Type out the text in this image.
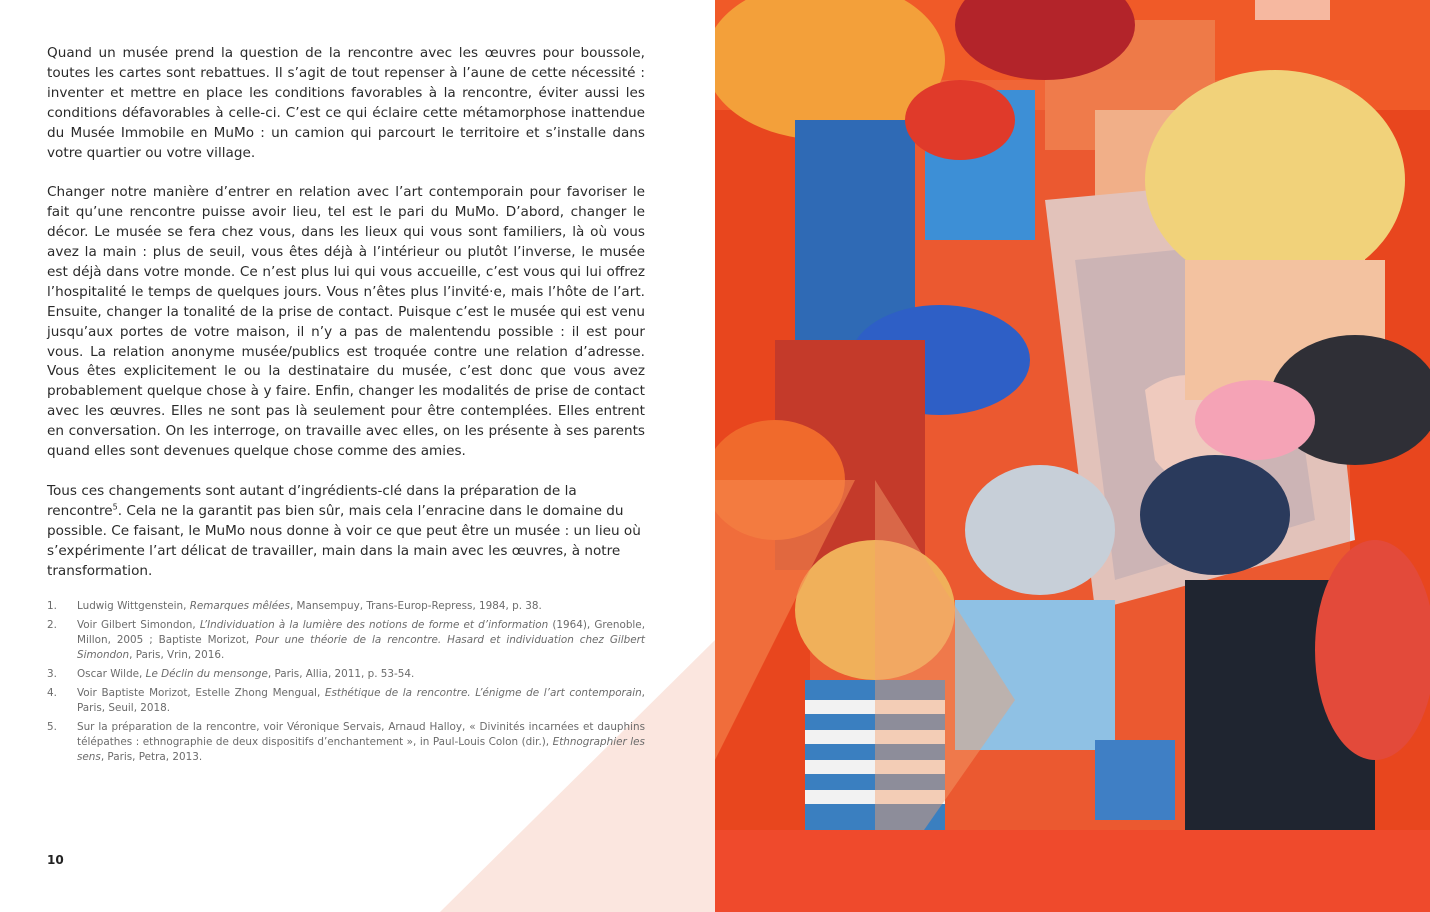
Quand un musée prend la question de la rencontre avec les œuvres pour boussole, toutes les cartes sont rebattues. Il s’agit de tout repenser à l’aune de cette nécessité : inventer et mettre en place les conditions favorables à la rencontre, éviter aussi les conditions défavorables à celle-ci. C’est ce qui éclaire cette métamorphose inattendue du Musée Immobile en MuMo : un camion qui parcourt le territoire et s’installe dans votre quartier ou votre village.

Changer notre manière d’entrer en relation avec l’art contemporain pour favoriser le fait qu’une rencontre puisse avoir lieu, tel est le pari du MuMo. D’abord, changer le décor. Le musée se fera chez vous, dans les lieux qui vous sont familiers, là où vous avez la main : plus de seuil, vous êtes déjà à l’intérieur ou plutôt l’inverse, le musée est déjà dans votre monde. Ce n’est plus lui qui vous accueille, c’est vous qui lui offrez l’hospitalité le temps de quelques jours. Vous n’êtes plus l’invité·e, mais l’hôte de l’art. Ensuite, changer la tonalité de la prise de contact. Puisque c’est le musée qui est venu jusqu’aux portes de votre maison, il n’y a pas de malentendu possible : il est pour vous. La relation anonyme musée/publics est troquée contre une relation d’adresse. Vous êtes explicitement le ou la destinataire du musée, c’est donc que vous avez probablement quelque chose à y faire. Enfin, changer les modalités de prise de contact avec les œuvres. Elles ne sont pas là seulement pour être contemplées. Elles entrent en conversation. On les interroge, on travaille avec elles, on les présente à ses parents quand elles sont devenues quelque chose comme des amies.

Tous ces changements sont autant d’ingrédients-clé dans la préparation de la rencontre$^5$. Cela ne la garantit pas bien sûr, mais cela l’enracine dans le domaine du possible. Ce faisant, le MuMo nous donne à voir ce que peut être un musée : un lieu où s’expérimente l’art délicat de travailler, main dans la main avec les œuvres, à notre transformation.

1.	Ludwig Wittgenstein, Remarques mêlées, Mansempuy, Trans-Europ-Repress, 1984, p. 38.
2.	Voir Gilbert Simondon, L’Individuation à la lumière des notions de forme et d’information (1964), Grenoble, Millon, 2005 ; Baptiste Morizot, Pour une théorie de la rencontre. Hasard et individuation chez Gilbert Simondon, Paris, Vrin, 2016.
3.	Oscar Wilde, Le Déclin du mensonge, Paris, Allia, 2011, p. 53-54.
4.	Voir Baptiste Morizot, Estelle Zhong Mengual, Esthétique de la rencontre. L’énigme de l’art contemporain, Paris, Seuil, 2018.
5.	Sur la préparation de la rencontre, voir Véronique Servais, Arnaud Halloy, « Divinités incarnées et dauphins télépathes : ethnographie de deux dispositifs d’enchantement », in Paul-Louis Colon (dir.), Ethnographier les sens, Paris, Petra, 2013.
10
